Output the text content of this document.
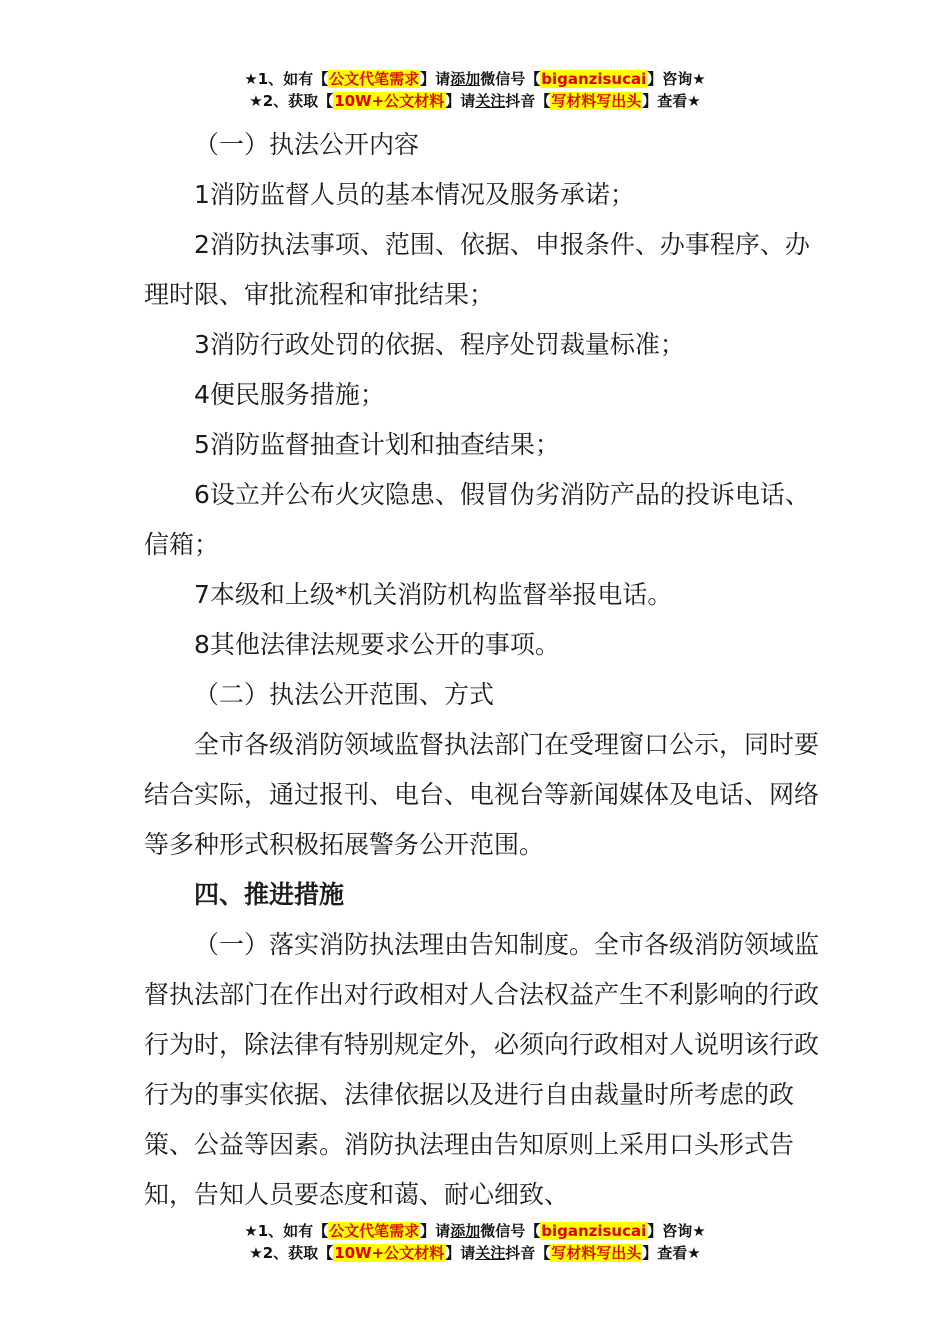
★1、如有【公文代笔需求】请添加微信号【biganzisucai】咨询★
★2、获取【10W+公文材料】请关注抖音【写材料写出头】查看★

（一）执法公开内容

1消防监督人员的基本情况及服务承诺；

2消防执法事项、范围、依据、申报条件、办事程序、办理时限、审批流程和审批结果；

3消防行政处罚的依据、程序处罚裁量标准；

4便民服务措施；

5消防监督抽查计划和抽查结果；

6设立并公布火灾隐患、假冒伪劣消防产品的投诉电话、信箱；

7本级和上级*机关消防机构监督举报电话。

8其他法律法规要求公开的事项。

（二）执法公开范围、方式

全市各级消防领域监督执法部门在受理窗口公示，同时要结合实际，通过报刊、电台、电视台等新闻媒体及电话、网络等多种形式积极拓展警务公开范围。

四、推进措施

（一）落实消防执法理由告知制度。全市各级消防领域监督执法部门在作出对行政相对人合法权益产生不利影响的行政行为时，除法律有特别规定外，必须向行政相对人说明该行政行为的事实依据、法律依据以及进行自由裁量时所考虑的政策、公益等因素。消防执法理由告知原则上采用口头形式告知，告知人员要态度和蔼、耐心细致、

★1、如有【公文代笔需求】请添加微信号【biganzisucai】咨询★
★2、获取【10W+公文材料】请关注抖音【写材料写出头】查看★
